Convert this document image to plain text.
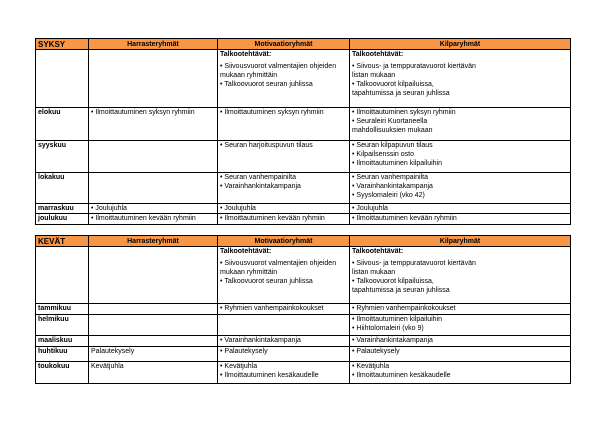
SYKSY	Harrasteryhmät	Motivaatioryhmät	Kilparyhmät

		Talkootehtävät:
• Siivousvuorot valmentajien ohjeiden mukaan ryhmittäin
• Talkoovuorot seuran juhlissa	Talkootehtävät:
• Siivous- ja temppuratavuorot kiertävän listan mukaan
• Talkoovuorot kilpailuissa, tapahtumissa ja seuran juhlissa

elokuu	• Ilmoittautuminen syksyn ryhmiin	• Ilmoittautuminen syksyn ryhmiin	• Ilmoittautuminen syksyn ryhmiin
• Seuraleiri Kuortaneella mahdollisuuksien mukaan

syyskuu		• Seuran harjoituspuvun tilaus	• Seuran kilpapuvun tilaus
• Kilpailsenssin osto
• Ilmoittautuminen kilpailuihin

lokakuu		• Seuran vanhempainilta
• Varainhankintakampanja	• Seuran vanhempainilta
• Varainhankintakampanja
• Syyslomaleiri (vko 42)

marraskuu	• Joulujuhla	• Joulujuhla	• Joulujuhla

joulukuu	• Ilmoittautuminen kevään ryhmiin	• Ilmoittautuminen kevään ryhmiin	• Ilmoittautuminen kevään ryhmiin
KEVÄT	Harrasteryhmät	Motivaatioryhmät	Kilparyhmät

		Talkootehtävät:
• Siivousvuorot valmentajien ohjeiden mukaan ryhmittäin
• Talkoovuorot seuran juhlissa	Talkootehtävät:
• Siivous- ja temppuratavuorot kiertävän listan mukaan
• Talkoovuorot kilpailuissa, tapahtumissa ja seuran juhlissa

tammikuu		• Ryhmien vanhempainkokoukset	• Ryhmien vanhempainkokoukset

helmikuu			• Ilmoittautuminen kilpailuihin
• Hiihtolomaleiri (vko 9)

maaliskuu		• Varainhankintakampanja	• Varainhankintakampanja

huhtikuu	Palautekysely	• Palautekysely	• Palautekysely

toukokuu	Kevätjuhla	• Kevätjuhla
• Ilmoittautuminen kesäkaudelle	• Kevätjuhla
• Ilmoittautuminen kesäkaudelle
